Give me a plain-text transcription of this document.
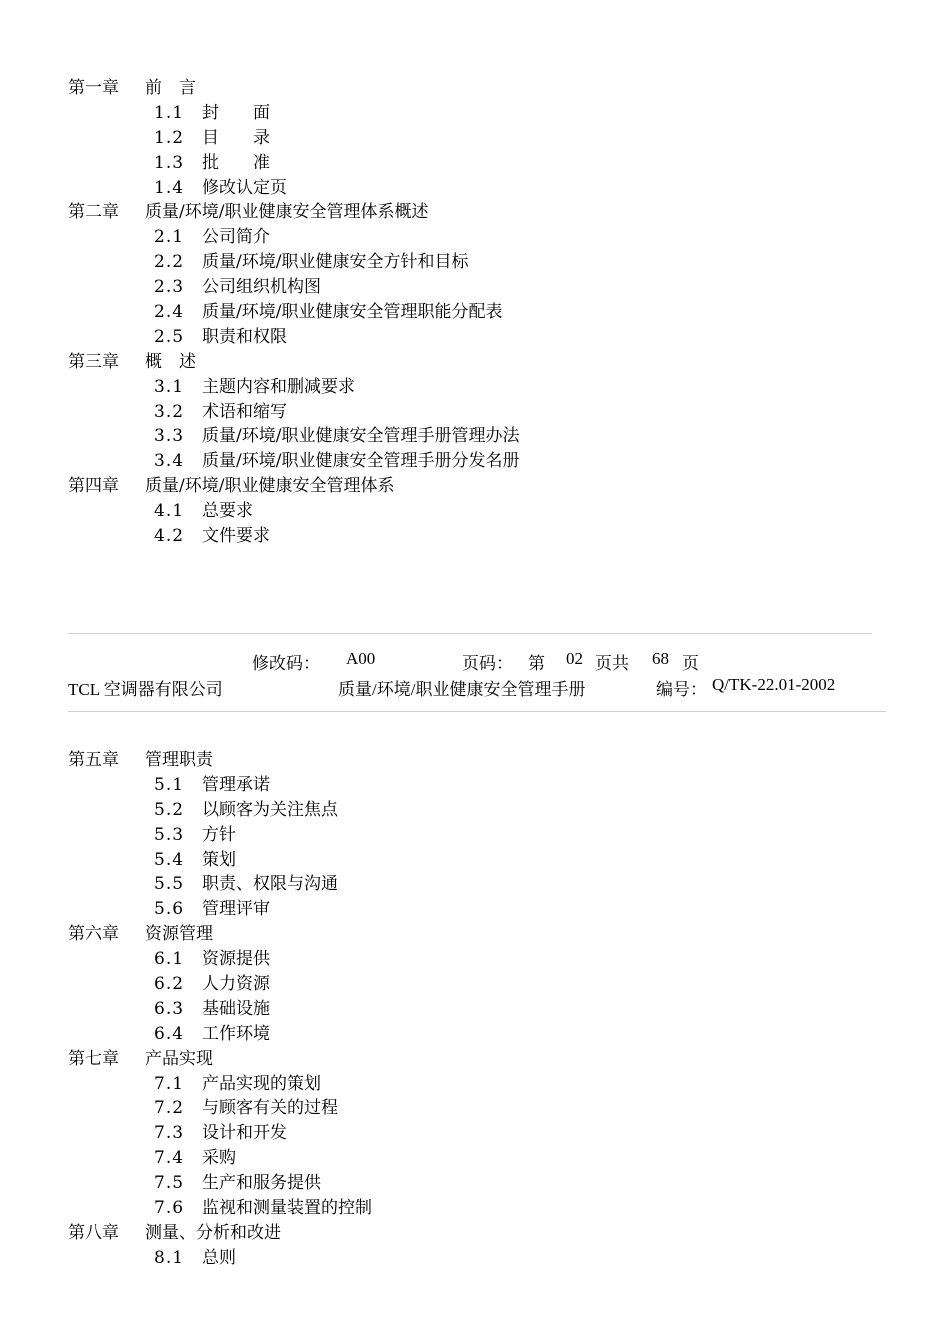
第一章 前　言
1.1 封　　面
1.2 目　　录
1.3 批　　准
1.4 修改认定页
第二章 质量/环境/职业健康安全管理体系概述
2.1 公司简介
2.2 质量/环境/职业健康安全方针和目标
2.3 公司组织机构图
2.4 质量/环境/职业健康安全管理职能分配表
2.5 职责和权限
第三章 概　述
3.1 主题内容和删减要求
3.2 术语和缩写
3.3 质量/环境/职业健康安全管理手册管理办法
3.4 质量/环境/职业健康安全管理手册分发名册
第四章 质量/环境/职业健康安全管理体系
4.1 总要求
4.2 文件要求
修改码： A00	页码： 第 02 页共 68 页
TCL 空调器有限公司	质量/环境/职业健康安全管理手册	编号： Q/TK-22.01-2002
第五章 管理职责
5.1 管理承诺
5.2 以顾客为关注焦点
5.3 方针
5.4 策划
5.5 职责、权限与沟通
5.6 管理评审
第六章 资源管理
6.1 资源提供
6.2 人力资源
6.3 基础设施
6.4 工作环境
第七章 产品实现
7.1 产品实现的策划
7.2 与顾客有关的过程
7.3 设计和开发
7.4 采购
7.5 生产和服务提供
7.6 监视和测量装置的控制
第八章 测量、分析和改进
8.1 总则
